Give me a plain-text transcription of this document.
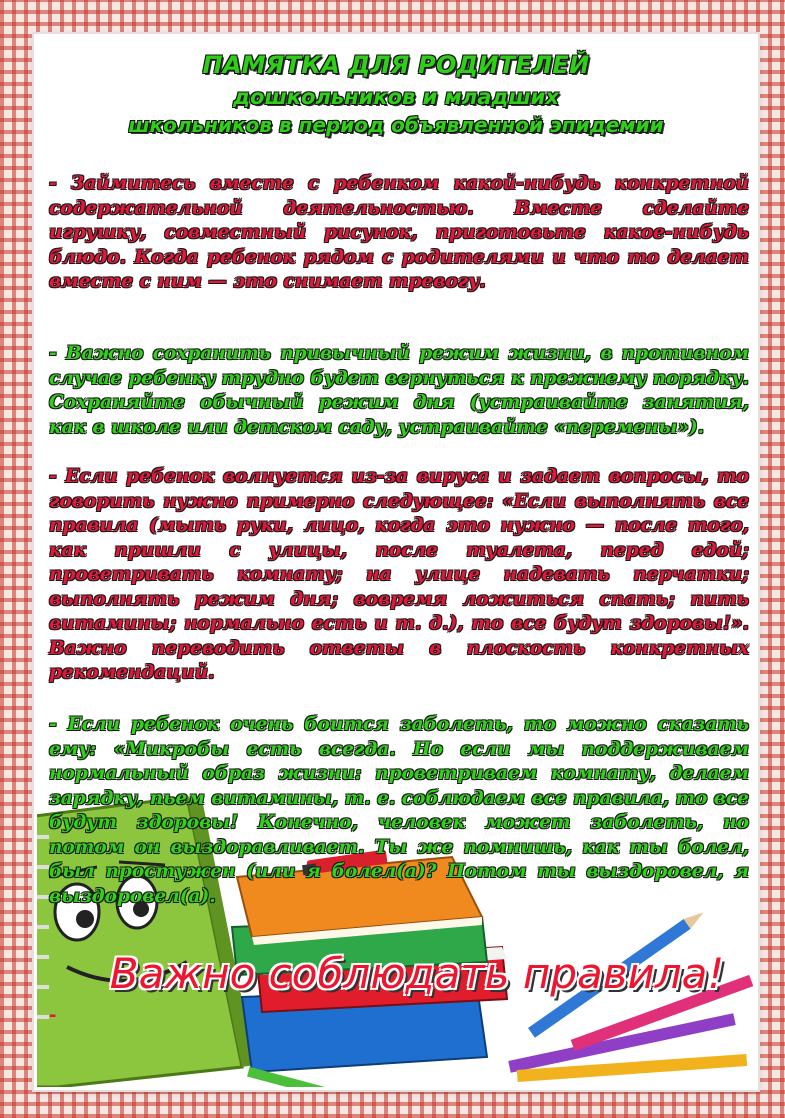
ПАМЯТКА ДЛЯ РОДИТЕЛЕЙ
дошкольников и младших
школьников в период объявленной эпидемии

- Займитесь вместе с ребенком какой-нибудь конкретной содержательной деятельностью. Вместе сделайте игрушку, совместный рисунок, приготовьте какое-нибудь блюдо. Когда ребенок рядом с родителями и что то делает вместе с ним — это снимает тревогу.

- Важно сохранить привычный режим жизни, в противном случае ребенку трудно будет вернуться к прежнему порядку. Сохраняйте обычный режим дня (устраивайте занятия, как в школе или детском саду, устраивайте «перемены»).

- Если ребенок волнуется из-за вируса и задает вопросы, то говорить нужно примерно следующее: «Если выполнять все правила (мыть руки, лицо, когда это нужно — после того, как пришли с улицы, после туалета, перед едой; проветривать комнату; на улице надевать перчатки; выполнять режим дня; вовремя ложиться спать; пить витамины; нормально есть и т. д.), то все будут здоровы!». Важно переводить ответы в плоскость конкретных рекомендаций.

- Если ребенок очень боится заболеть, то можно сказать ему: «Микробы есть всегда. Но если мы поддерживаем нормальный образ жизни: проветриваем комнату, делаем зарядку, пьем витамины, т. е. соблюдаем все правила, то все будут здоровы! Конечно, человек может заболеть, но потом он выздоравливает. Ты же помнишь, как ты болел, был простужен (или я болел(а)? Потом ты выздоровел, я выздоровел(а).

Важно соблюдать правила!
-
